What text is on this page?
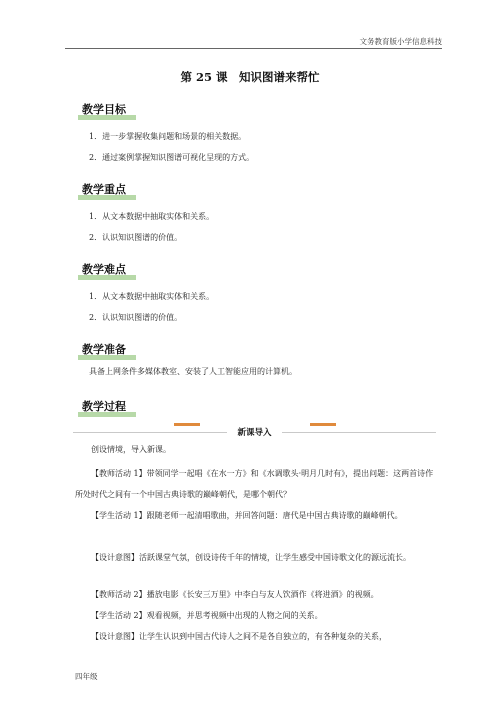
文务教育版小学信息科技
第 25 课　知识图谱来帮忙
教学目标
1．进一步掌握收集问题和场景的相关数据。
2．通过案例掌握知识图谱可视化呈现的方式。
教学重点
1．从文本数据中抽取实体和关系。
2．认识知识图谱的价值。
教学难点
1．从文本数据中抽取实体和关系。
2．认识知识图谱的价值。
教学准备
具备上网条件多媒体教室、安装了人工智能应用的计算机。
教学过程
新课导入
创设情境，导入新课。
【教师活动 1】带领同学一起唱《在水一方》和《水调歌头·明月几时有》，提出问题：这两首诗作所处时代之间有一个中国古典诗歌的巅峰朝代，是哪个朝代？
【学生活动 1】跟随老师一起清唱歌曲，并回答问题：唐代是中国古典诗歌的巅峰朝代。
【设计意图】活跃课堂气氛，创设诗传千年的情境，让学生感受中国诗歌文化的源远流长。
【教师活动 2】播放电影《长安三万里》中李白与友人饮酒作《将进酒》的视频。
【学生活动 2】观看视频，并思考视频中出现的人物之间的关系。
【设计意图】让学生认识到中国古代诗人之间不是各自独立的，有各种复杂的关系，
四年级
